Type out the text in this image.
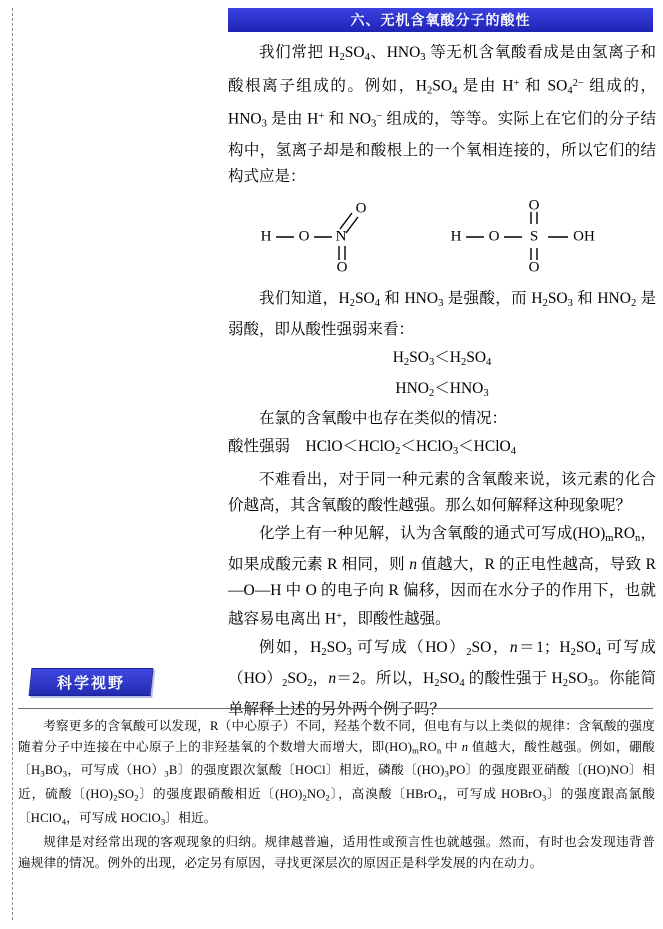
六、无机含氧酸分子的酸性

我们常把 $H_2SO_4$、$HNO_3$ 等无机含氧酸看成是由氢离子和酸根离子组成的。例如，$H_2SO_4$ 是由 H+ 和 $SO_4^{2-}$ 组成的，$HNO_3$ 是由 H+ 和 $NO_3^-$ 组成的，等等。实际上在它们的分子结构中，氢离子却是和酸根上的一个氧相连接的，所以它们的结构式应是：

H O N
O
O
H O S
O
O
OH

我们知道，$H_2SO_4$ 和 $HNO_3$ 是强酸，而 $H_2SO_3$ 和 $HNO_2$ 是弱酸，即从酸性强弱来看：

$H_2SO_3<H_2SO_4$
$HNO_2<HNO_3$

在氯的含氧酸中也存在类似的情况：

酸性强弱    HClO＜HClO$_2$＜HClO$_3$＜HClO$_4$

不难看出，对于同一种元素的含氧酸来说，该元素的化合价越高，其含氧酸的酸性越强。那么如何解释这种现象呢？

化学上有一种见解，认为含氧酸的通式可写成$(HO)_mRO_n$，如果成酸元素 R 相同，则 n 值越大，R 的正电性越高，导致 R—O—H 中 O 的电子向 R 偏移，因而在水分子的作用下，也就越容易电离出 H+，即酸性越强。

例如，$H_2SO_3$ 可写成$(HO)_2SO$，n＝1；$H_2SO_4$ 可写成$(HO)_2SO_2$，n＝2。所以，$H_2SO_4$ 的酸性强于 $H_2SO_3$。你能简单解释上述的另外两个例子吗？

科学视野

考察更多的含氧酸可以发现，R（中心原子）不同，羟基个数不同，但电有与以上类似的规律：含氧酸的强度随着分子中连接在中心原子上的非羟基氧的个数增大而增大，即$(HO)_mRO_n$ 中 n 值越大，酸性越强。例如，硼酸〔$H_3BO_3$，可写成$(HO)_3B$〕的强度跟次氯酸〔HOCl〕相近，磷酸〔$(HO)_3PO$〕的强度跟亚硝酸〔(HO)NO〕相近，硫酸〔$(HO)_2SO_2$〕的强度跟硝酸相近〔$(HO)_2NO_2$〕，高溴酸〔HBrO$_4$，可写成 HOBrO$_3$〕的强度跟高氯酸〔HClO$_4$，可写成 HOClO$_3$〕相近。

规律是对经常出现的客观现象的归纳。规律越普遍，适用性或预言性也就越强。然而，有时也会发现违背普遍规律的情况。例外的出现，必定另有原因，寻找更深层次的原因正是科学发展的内在动力。
